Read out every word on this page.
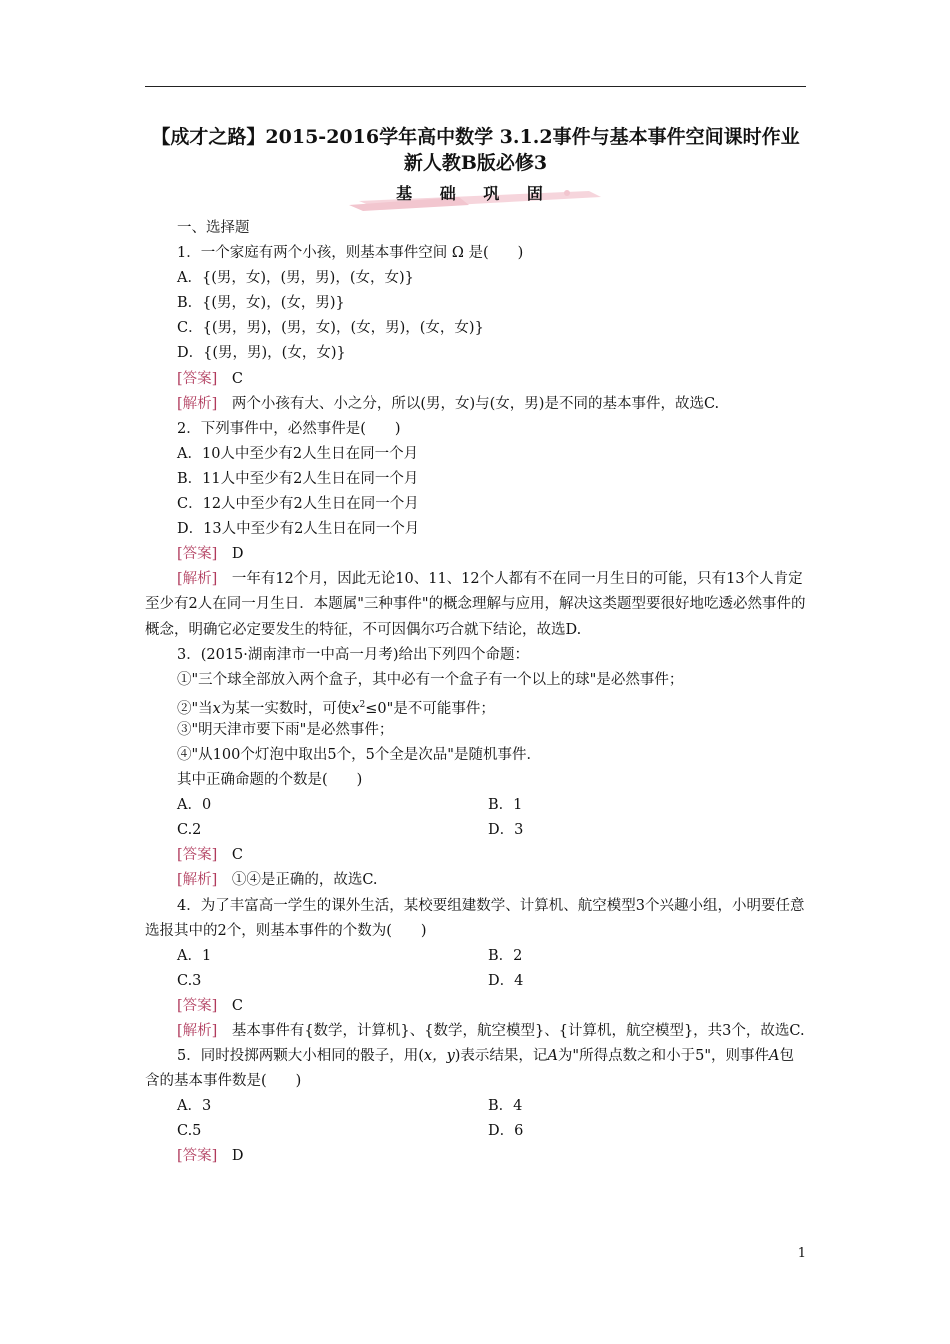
【成才之路】2015-2016学年高中数学 3.1.2事件与基本事件空间课时作业 新人教B版必修3
基 础 巩 固
一、选择题
1．一个家庭有两个小孩，则基本事件空间 Ω 是(　　)
A．{(男，女)，(男，男)，(女，女)}
B．{(男，女)，(女，男)}
C．{(男，男)，(男，女)，(女，男)，(女，女)}
D．{(男，男)，(女，女)}
[答案]　 C
[解析]　 两个小孩有大、小之分，所以(男，女)与(女，男)是不同的基本事件，故选C.
2．下列事件中，必然事件是(　　)
A．10人中至少有2人生日在同一个月
B．11人中至少有2人生日在同一个月
C．12人中至少有2人生日在同一个月
D．13人中至少有2人生日在同一个月
[答案]　 D
[解析]　 一年有12个月，因此无论10、11、12个人都有不在同一月生日的可能，只有13个人肯定至少有2人在同一月生日．本题属"三种事件"的概念理解与应用，解决这类题型要很好地吃透必然事件的概念，明确它必定要发生的特征，不可因偶尔巧合就下结论，故选D.
3．(2015·湖南津市一中高一月考)给出下列四个命题：
①"三个球全部放入两个盒子，其中必有一个盒子有一个以上的球"是必然事件；
②"当x为某一实数时，可使$x^2\le 0$"是不可能事件；
③"明天津市要下雨"是必然事件；
④"从100个灯泡中取出5个，5个全是次品"是随机事件．
其中正确命题的个数是(　　)
A．0	B．1
C.2	D．3
[答案]　 C
[解析]　 ①④是正确的，故选C.
4．为了丰富高一学生的课外生活，某校要组建数学、计算机、航空模型3个兴趣小组，小明要任意选报其中的2个，则基本事件的个数为(　　)
A．1	B．2
C.3	D．4
[答案]　 C
[解析]　 基本事件有{数学，计算机}、{数学，航空模型}、{计算机，航空模型}，共3个，故选C.
5．同时投掷两颗大小相同的骰子，用(x，y)表示结果，记A为"所得点数之和小于5"，则事件A包含的基本事件数是(　　)
A．3	B．4
C.5	D．6
[答案]　 D
1
